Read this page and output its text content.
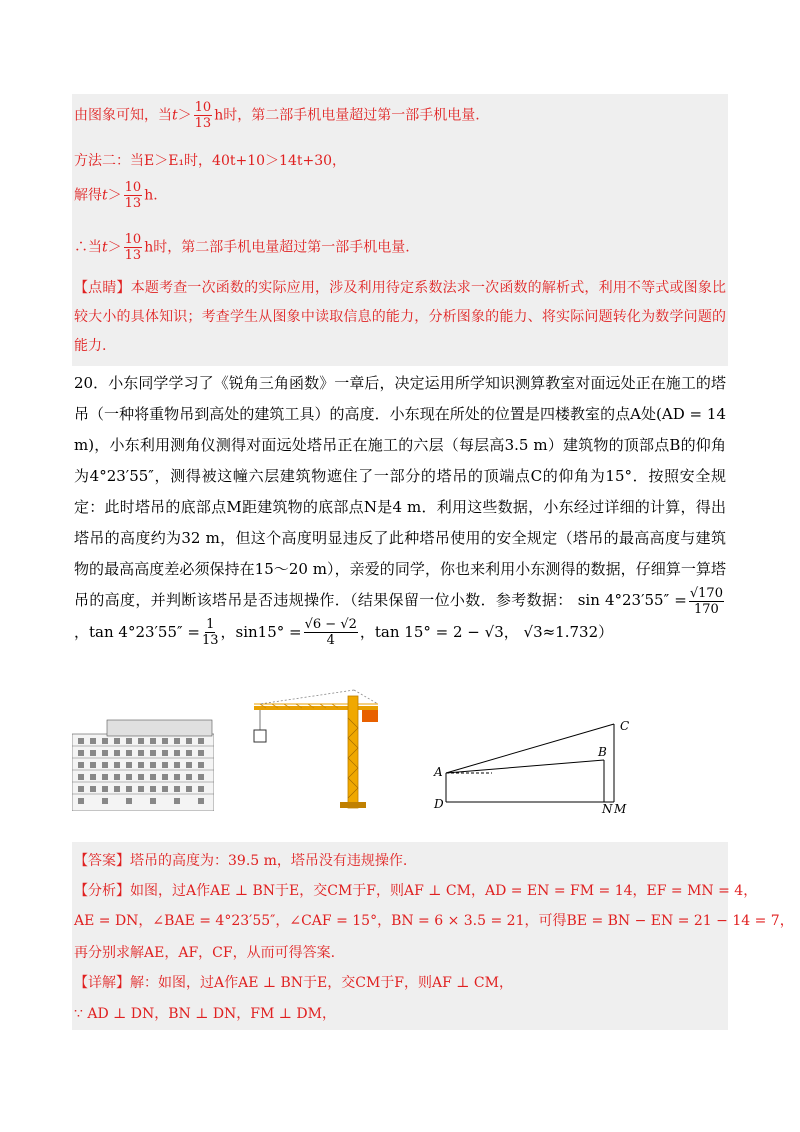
由图象可知，当$t> \frac{10}{13}$ h时，第二部手机电量超过第一部手机电量.
方法二：当E＞E₁时，40t+10＞14t+30，
解得$t> \frac{10}{13} h$.
∴当$t> \frac{10}{13}$ h时，第二部手机电量超过第一部手机电量.
【点睛】本题考查一次函数的实际应用，涉及利用待定系数法求一次函数的解析式，利用不等式或图象比较大小的具体知识；考查学生从图象中读取信息的能力，分析图象的能力、将实际问题转化为数学问题的能力.
20．小东同学学习了《锐角三角函数》一章后，决定运用所学知识测算教室对面远处正在施工的塔吊（一种将重物吊到高处的建筑工具）的高度．小东现在所处的位置是四楼教室的点A处(AD = 14 m)，小东利用测角仪测得对面远处塔吊正在施工的六层（每层高3.5 m）建筑物的顶部点B的仰角为4°23′55″，测得被这幢六层建筑物遮住了一部分的塔吊的顶端点C的仰角为15°．按照安全规定：此时塔吊的底部点M距建筑物的底部点N是4 m．利用这些数据，小东经过详细的计算，得出塔吊的高度约为32 m，但这个高度明显违反了此种塔吊使用的安全规定（塔吊的最高高度与建筑物的最高高度差必须保持在15～20 m），亲爱的同学，你也来利用小东测得的数据，仔细算一算塔吊的高度，并判断该塔吊是否违规操作．（结果保留一位小数．参考数据： $\sin 4^\circ 23'55'' = \frac{√170}{170}$
，$\tan 4^\circ 23'55'' = \frac{1}{13}$ ，$\sin 15^\circ = \frac{√6 - √2}{4}$ ，tan 15° = 2 − √3， √3≈1.732）
C
B
A
D	N M
【答案】塔吊的高度为：39.5 m，塔吊没有违规操作.
【分析】如图，过A作AE ⊥ BN于E，交CM于F，则AF ⊥ CM，AD = EN = FM = 14，EF = MN = 4，
AE = DN，∠BAE = 4°23′55″，∠CAF = 15°，BN = 6 × 3.5 = 21，可得BE = BN − EN = 21 − 14 = 7，
再分别求解AE，AF，CF，从而可得答案.
【详解】解：如图，过A作AE ⊥ BN于E，交CM于F，则AF ⊥ CM，
∵ AD ⊥ DN，BN ⊥ DN，FM ⊥ DM，
